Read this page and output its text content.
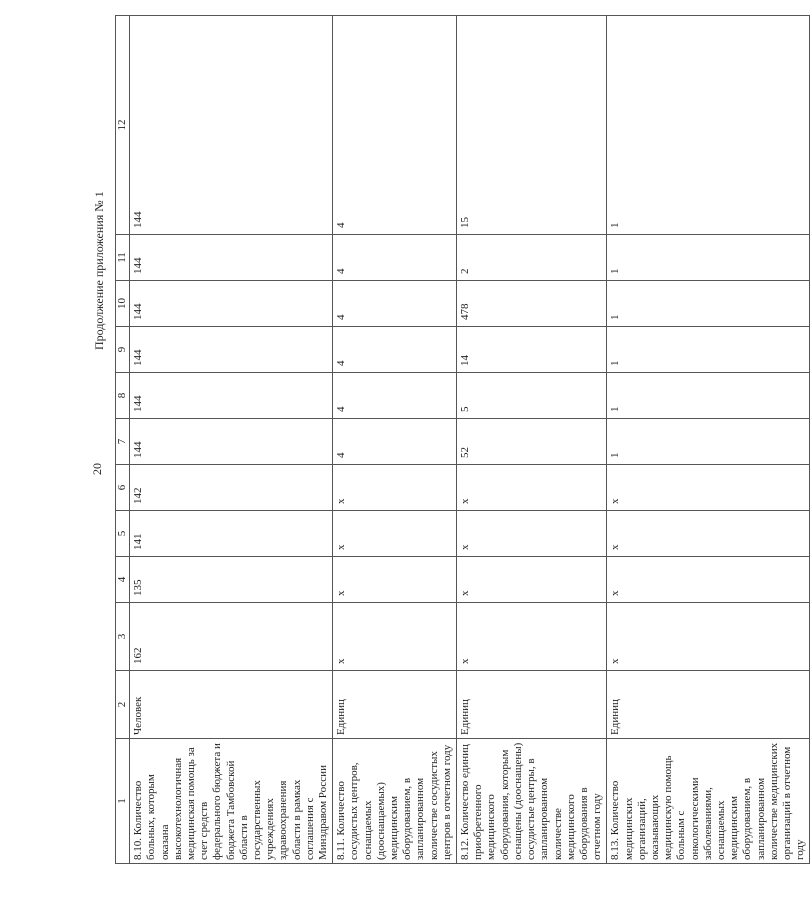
20
Продолжение приложения № 1
1	2	3	4	5	6	7	8	9	10	11	12
8.10. Количество больных, которым оказана высокотехнологичная медицинская помощь за счет средств федерального бюджета и бюджета Тамбовской области в государственных учреждениях здравоохранения области в рамках соглашения с Минздравом России	Человек	162	135	141	142	144	144	144	144	144	144
8.11. Количество сосудистых центров, оснащаемых (дооснащаемых) медицинским оборудованием, в запланированном количестве сосудистых центров в отчетном году	Единиц	x	x	x	x	4	4	4	4	4	4
8.12. Количество единиц приобретенного медицинского оборудования, которым оснащены (дооснащены) сосудистые центры, в запланированном количестве медицинского оборудования в отчетном году	Единиц	x	x	x	x	52	5	14	478	2	15
8.13. Количество медицинских организаций, оказывающих медицинскую помощь больным с онкологическими заболеваниями, оснащаемых медицинским оборудованием, в запланированном количестве медицинских организаций в отчетном году	Единиц	x	x	x	x	1	1	1	1	1	1
